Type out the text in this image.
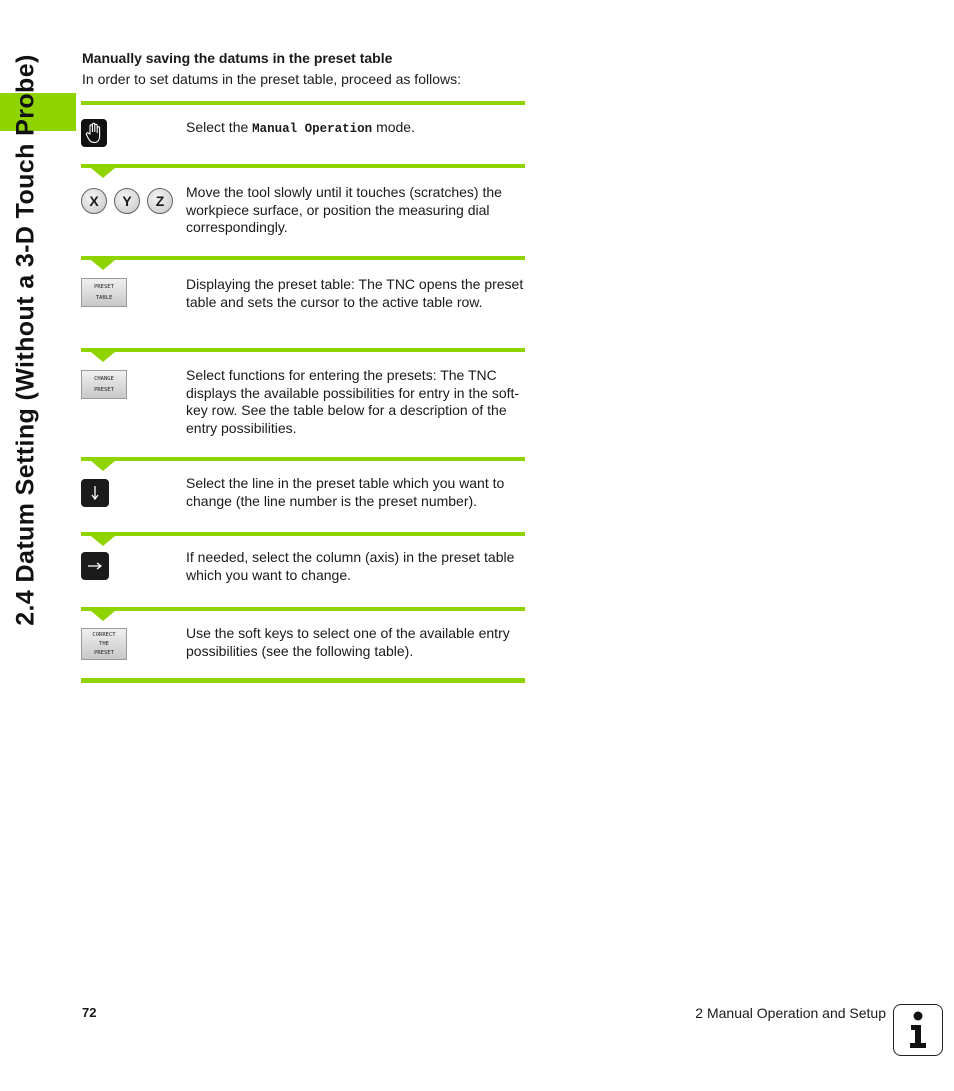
2.4 Datum Setting (Without a 3-D Touch Probe)	Manually saving the datums in the preset table
In order to set datums in the preset table, proceed as follows:
Select the Manual Operation mode.
X	Y	Z
Move the tool slowly until it touches (scratches) the workpiece surface, or position the measuring dial correspondingly.
PRESET
TABLE
Displaying the preset table: The TNC opens the preset table and sets the cursor to the active table row.
CHANGE
PRESET
Select functions for entering the presets: The TNC displays the available possibilities for entry in the soft-key row. See the table below for a description of the entry possibilities.
Select the line in the preset table which you want to change (the line number is the preset number).
If needed, select the column (axis) in the preset table which you want to change.
CORRECT
THE
PRESET
Use the soft keys to select one of the available entry possibilities (see the following table).
72	2 Manual Operation and Setup
